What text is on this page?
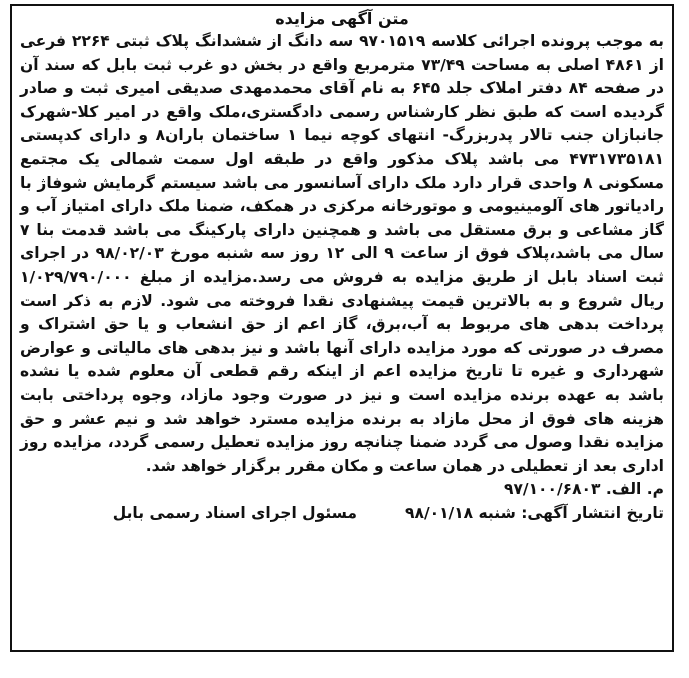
متن آگهی مزایده

به موجب پرونده اجرائی کلاسه ۹۷۰۱۵۱۹ سه دانگ از ششدانگ پلاک ثبتی ۲۲۶۴ فرعی از ۴۸۶۱ اصلی به مساحت ۷۳/۴۹ مترمربع واقع در بخش دو غرب ثبت بابل که سند آن در صفحه ۸۴ دفتر املاک جلد ۶۴۵ به نام آقای محمدمهدی صدیقی امیری ثبت و صادر گردیده است که طبق نظر کارشناس رسمی دادگستری،ملک واقع در امیر کلا-شهرک جانبازان جنب تالار پدربزرگ- انتهای کوچه نیما ۱ ساختمان باران۸ و دارای کدپستی ۴۷۳۱۷۳۵۱۸۱ می باشد پلاک مذکور واقع در طبقه اول سمت شمالی یک مجتمع مسکونی ۸ واحدی قرار دارد ملک دارای آسانسور می باشد سیستم گرمایش شوفاژ با رادیاتور های آلومینیومی و موتورخانه مرکزی در همکف، ضمنا ملک دارای امتیاز آب و گاز مشاعی و برق مستقل می باشد و همچنین دارای پارکینگ می باشد قدمت بنا ۷ سال می باشد،پلاک فوق از ساعت ۹ الی ۱۲ روز سه شنبه مورخ ۹۸/۰۲/۰۳ در اجرای ثبت اسناد بابل از طریق مزایده به فروش می رسد.مزایده از مبلغ ۱/۰۲۹/۷۹۰/۰۰۰ ریال شروع و به بالاترین قیمت پیشنهادی نقدا فروخته می شود. لازم به ذکر است پرداخت بدهی های مربوط به آب،برق، گاز اعم از حق انشعاب و یا حق اشتراک و مصرف در صورتی که مورد مزایده دارای آنها باشد و نیز بدهی های مالیاتی و عوارض شهرداری و غیره تا تاریخ مزایده اعم از اینکه رقم قطعی آن معلوم شده یا نشده باشد به عهده برنده مزایده است و نیز در صورت وجود مازاد، وجوه پرداختی بابت هزینه های فوق از محل مازاد به برنده مزایده مسترد خواهد شد و نیم عشر و حق مزایده نقدا وصول می گردد ضمنا چنانچه روز مزایده تعطیل رسمی گردد، مزایده روز اداری بعد از تعطیلی در همان ساعت و مکان مقرر برگزار خواهد شد.

م. الف. ۹۷/۱۰۰/۶۸۰۳
تاریخ انتشار آگهی: شنبه ۹۸/۰۱/۱۸
مسئول اجرای اسناد رسمی بابل
